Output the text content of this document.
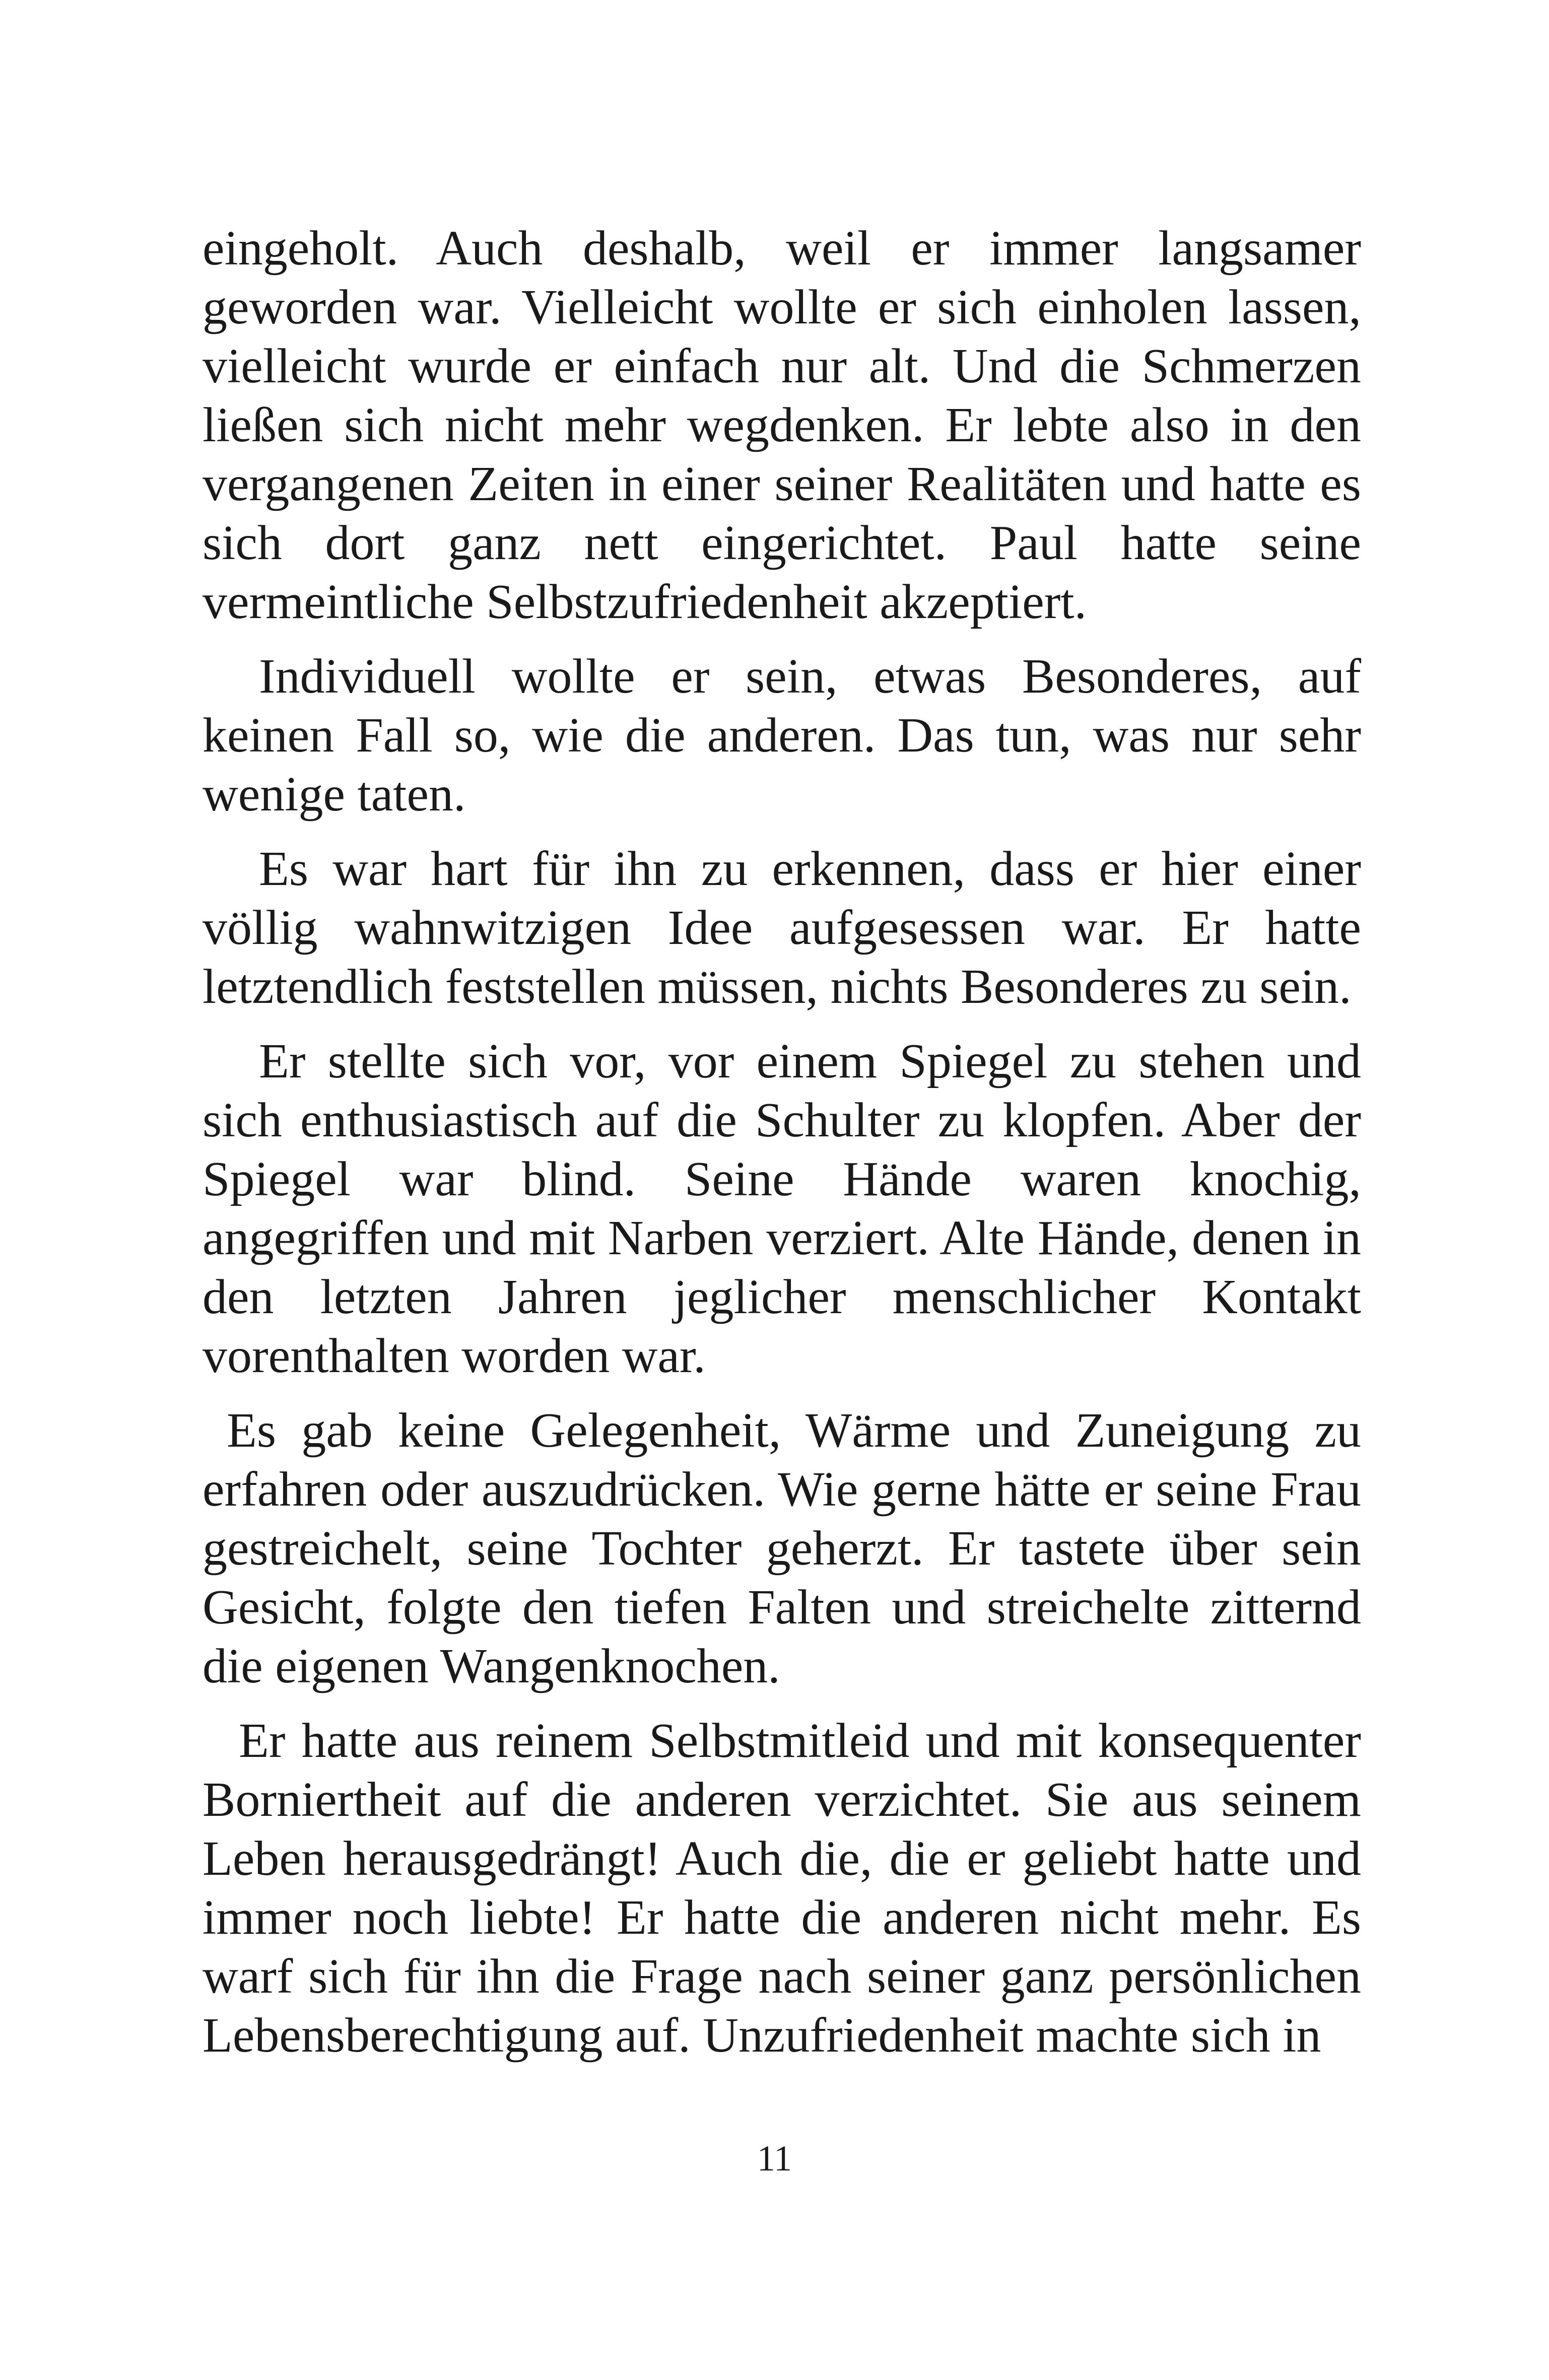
eingeholt. Auch deshalb, weil er immer langsamer geworden war. Vielleicht wollte er sich einholen lassen, vielleicht wurde er einfach nur alt. Und die Schmerzen ließen sich nicht mehr wegdenken. Er lebte also in den vergangenen Zeiten in einer seiner Realitäten und hatte es sich dort ganz nett eingerichtet. Paul hatte seine vermeintliche Selbstzufriedenheit akzeptiert.

Individuell wollte er sein, etwas Besonderes, auf keinen Fall so, wie die anderen. Das tun, was nur sehr wenige taten.

Es war hart für ihn zu erkennen, dass er hier einer völlig wahnwitzigen Idee aufgesessen war. Er hatte letztendlich feststellen müssen, nichts Besonderes zu sein.

Er stellte sich vor, vor einem Spiegel zu stehen und sich enthusiastisch auf die Schulter zu klopfen. Aber der Spiegel war blind. Seine Hände waren knochig, angegriffen und mit Narben verziert. Alte Hände, denen in den letzten Jahren jeglicher menschlicher Kontakt vorenthalten worden war.

Es gab keine Gelegenheit, Wärme und Zuneigung zu erfahren oder auszudrücken. Wie gerne hätte er seine Frau gestreichelt, seine Tochter geherzt. Er tastete über sein Gesicht, folgte den tiefen Falten und streichelte zitternd die eigenen Wangenknochen.

Er hatte aus reinem Selbstmitleid und mit konsequenter Borniertheit auf die anderen verzichtet. Sie aus seinem Leben herausgedrängt! Auch die, die er geliebt hatte und immer noch liebte! Er hatte die anderen nicht mehr. Es warf sich für ihn die Frage nach seiner ganz persönlichen Lebensberechtigung auf. Unzufriedenheit machte sich in

11
